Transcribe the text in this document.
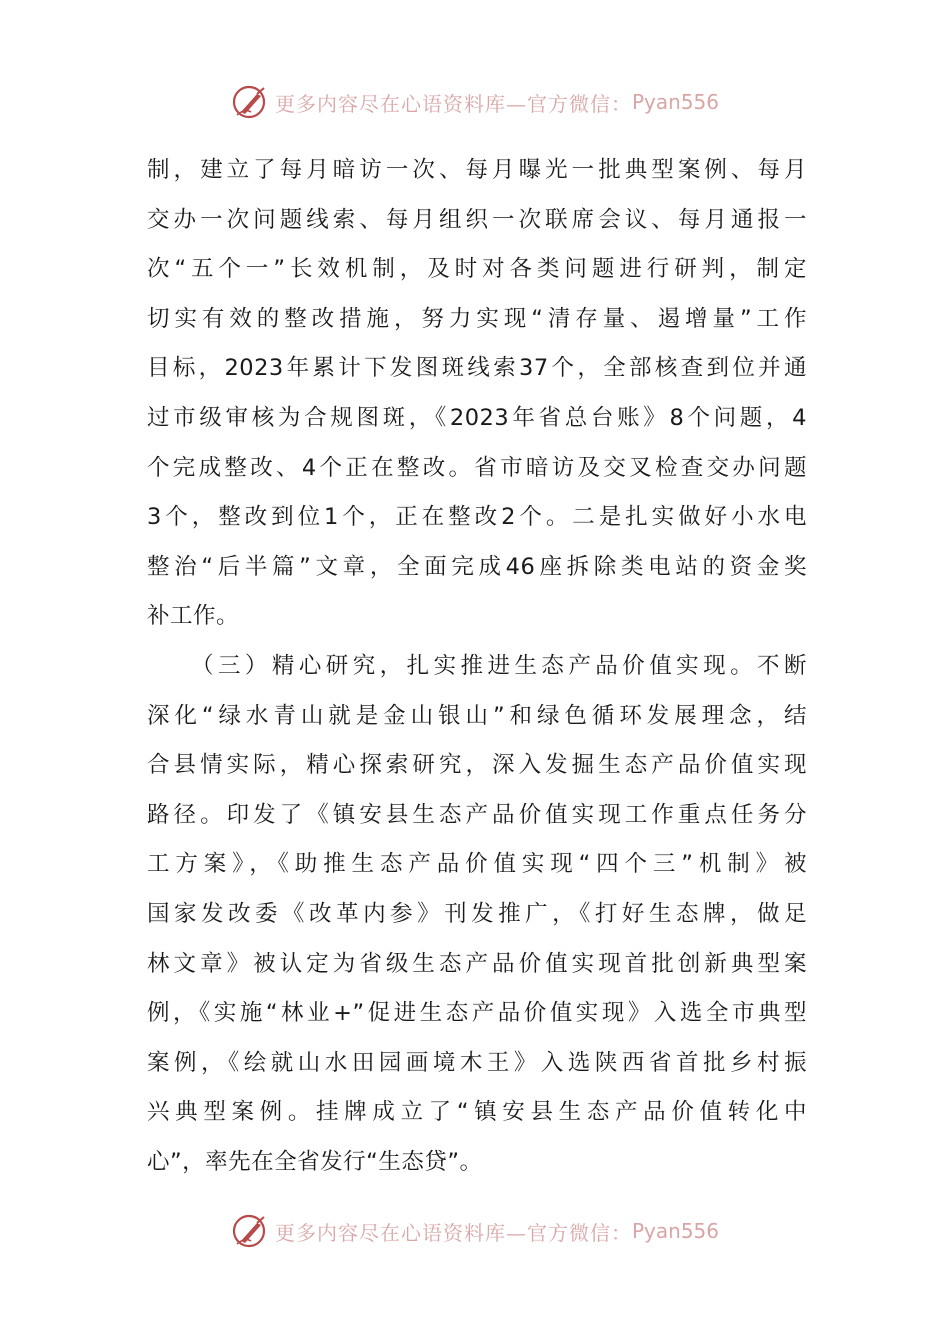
更多内容尽在心语资料库—官方微信： Pyan556
制，建立了每月暗访一次、每月曝光一批典型案例、每月
交办一次问题线索、每月组织一次联席会议、每月通报一
次“五个一”长效机制，及时对各类问题进行研判，制定
切实有效的整改措施，努力实现“清存量、遏增量”工作
目标，2023年累计下发图斑线索37个，全部核查到位并通
过市级审核为合规图斑，《2023年省总台账》8个问题，4
个完成整改、4个正在整改。省市暗访及交叉检查交办问题
3个，整改到位1个，正在整改2个。二是扎实做好小水电
整治“后半篇”文章，全面完成46座拆除类电站的资金奖
补工作。
（三）精心研究，扎实推进生态产品价值实现。不断
深化“绿水青山就是金山银山”和绿色循环发展理念，结
合县情实际，精心探索研究，深入发掘生态产品价值实现
路径。印发了《镇安县生态产品价值实现工作重点任务分
工方案》，《助推生态产品价值实现“四个三”机制》被
国家发改委《改革内参》刊发推广，《打好生态牌，做足
林文章》被认定为省级生态产品价值实现首批创新典型案
例，《实施“林业+”促进生态产品价值实现》入选全市典型
案例，《绘就山水田园画境木王》入选陕西省首批乡村振
兴典型案例。挂牌成立了“镇安县生态产品价值转化中
心”，率先在全省发行“生态贷”。
更多内容尽在心语资料库—官方微信： Pyan556
